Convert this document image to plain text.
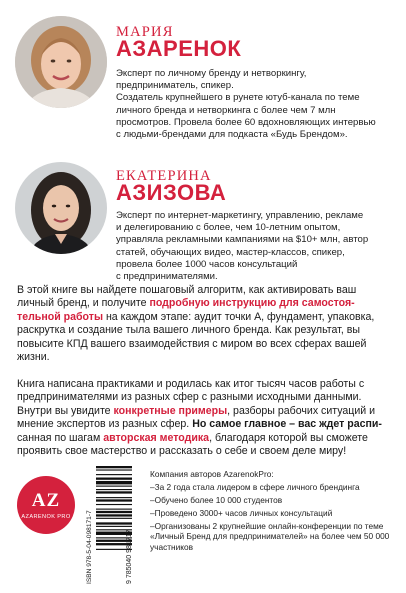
МАРИЯ
АЗАРЕНОК
Эксперт по личному бренду и нетворкингу,
предприниматель, спикер.
Создатель крупнейшего в рунете ютуб-канала по теме
личного бренда и нетворкинга с более чем 7 млн
просмотров. Провела более 60 вдохновляющих интервью
с людьми-брендами для подкаста «Будь Брендом».
ЕКАТЕРИНА
АЗИЗОВА
Эксперт по интернет-маркетингу, управлению, рекламе
и делегированию с более, чем 10-летним опытом,
управляла рекламными кампаниями на $10+ млн, автор
статей, обучающих видео, мастер-классов, спикер,
провела более 1000 часов консультаций
с предпринимателями.

В этой книге вы найдете пошаговый алгоритм, как активировать ваш

личный бренд, и получите подробную инструкцию для самостоя-

тельной работы на каждом этапе: аудит точки А, фундамент, упаковка,

раскрутка и создание тыла вашего личного бренда. Как результат, вы

повысите КПД вашего взаимодействия с миром во всех сферах вашей

жизни.

Книга написана практиками и родилась как итог тысяч часов работы с

предпринимателями из разных сфер с разными исходными данными.

Внутри вы увидите конкретные примеры, разборы рабочих ситуаций и

мнение экспертов из разных сфер. Но самое главное – вас ждет распи-

санная по шагам авторская методика, благодаря которой вы сможете

проявить свое мастерство и рассказать о себе и своем деле миру!

AZ
AZARENOK PRO	ISBN 978-5-04-098171-7	9 785040 981717
Компания авторов AzarenokPro:
– За 2 года стала лидером в сфере личного брендинга
– Обучено более 10 000 студентов
– Проведено 3000+ часов личных консультаций
– Организованы 2 крупнейшие онлайн-конференции по теме «Личный Бренд для предпринимателей» на более чем 50 000 участников
